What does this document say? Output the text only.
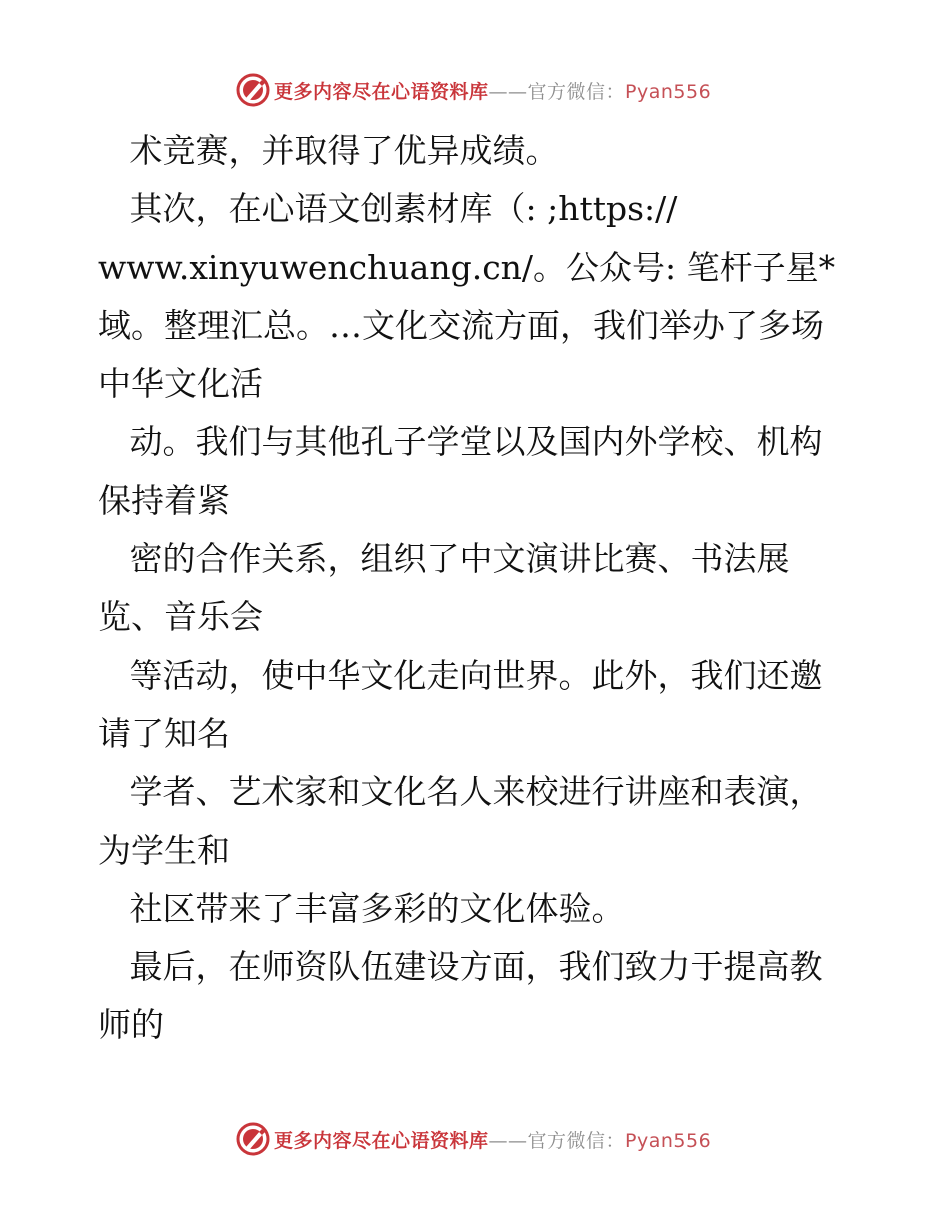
更多内容尽在心语资料库——官方微信：Pyan556
术竞赛，并取得了优异成绩。
其次，在心语文创素材库（: ;https://
www.xinyuwenchuang.cn/。公众号: 笔杆子星*
域。整理汇总。…文化交流方面，我们举办了多场
中华文化活
动。我们与其他孔子学堂以及国内外学校、机构
保持着紧
密的合作关系，组织了中文演讲比赛、书法展
览、音乐会
等活动，使中华文化走向世界。此外，我们还邀
请了知名
学者、艺术家和文化名人来校进行讲座和表演，
为学生和
社区带来了丰富多彩的文化体验。
最后，在师资队伍建设方面，我们致力于提高教
师的
更多内容尽在心语资料库——官方微信：Pyan556
